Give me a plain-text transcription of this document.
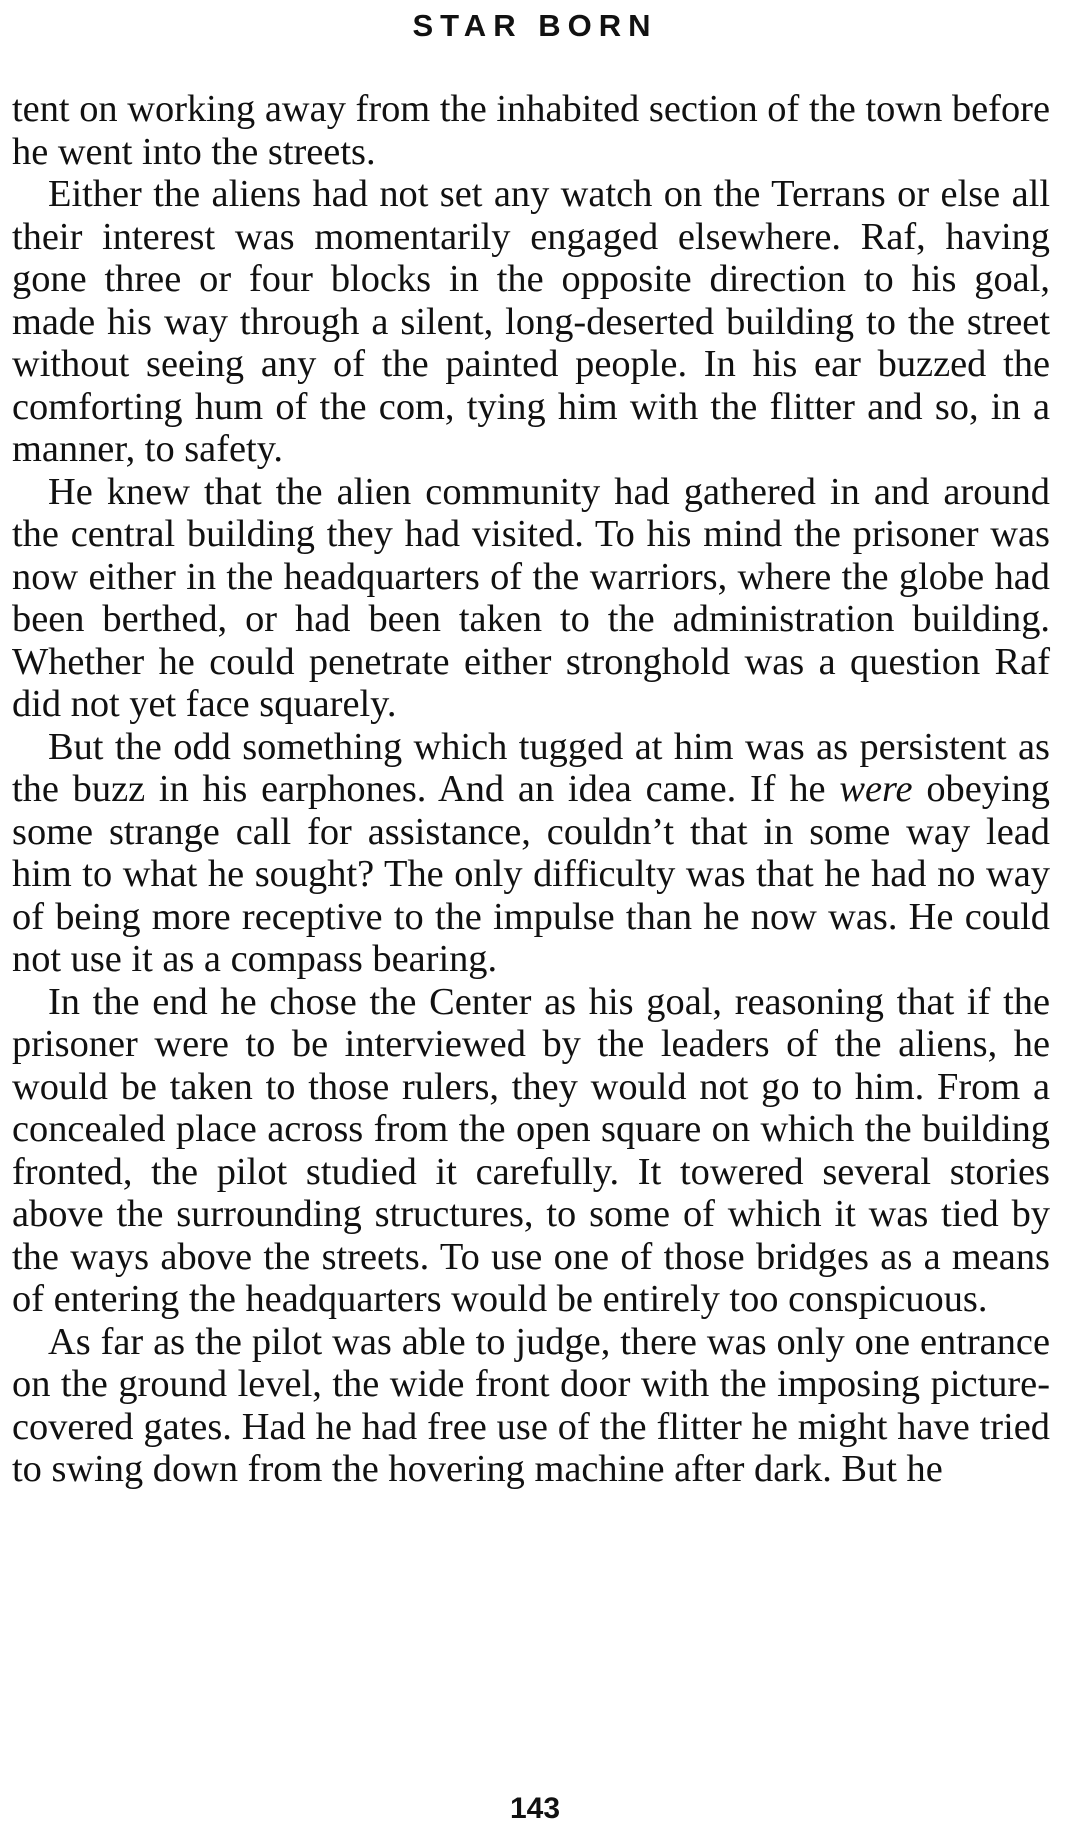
STAR BORN

tent on working away from the inhabited section of the town before he went into the streets.

Either the aliens had not set any watch on the Terrans or else all their interest was momentarily engaged elsewhere. Raf, having gone three or four blocks in the opposite direction to his goal, made his way through a silent, long-deserted building to the street without seeing any of the painted people. In his ear buzzed the comforting hum of the com, tying him with the flitter and so, in a manner, to safety.

He knew that the alien community had gathered in and around the central building they had visited. To his mind the prisoner was now either in the headquarters of the warriors, where the globe had been berthed, or had been taken to the administration building. Whether he could penetrate either stronghold was a question Raf did not yet face squarely.

But the odd something which tugged at him was as persistent as the buzz in his earphones. And an idea came. If he were obeying some strange call for assistance, couldn’t that in some way lead him to what he sought? The only difficulty was that he had no way of being more receptive to the impulse than he now was. He could not use it as a compass bearing.

In the end he chose the Center as his goal, reasoning that if the prisoner were to be interviewed by the leaders of the aliens, he would be taken to those rulers, they would not go to him. From a concealed place across from the open square on which the building fronted, the pilot studied it carefully. It towered several stories above the surrounding structures, to some of which it was tied by the ways above the streets. To use one of those bridges as a means of entering the headquarters would be entirely too conspicuous.

As far as the pilot was able to judge, there was only one entrance on the ground level, the wide front door with the imposing picture-covered gates. Had he had free use of the flitter he might have tried to swing down from the hovering machine after dark. But he

143
